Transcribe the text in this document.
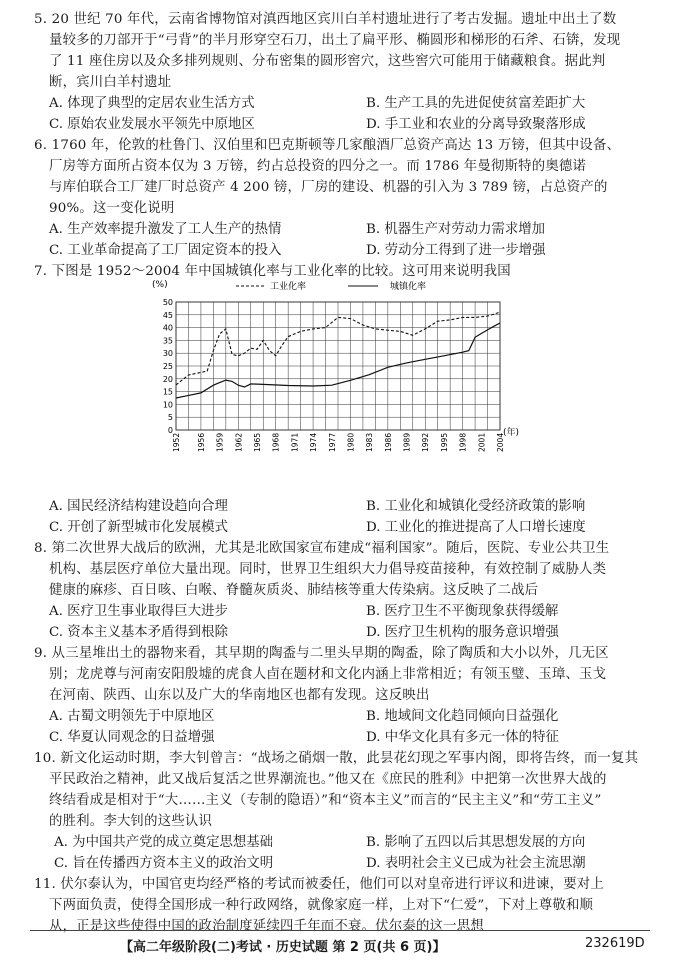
5. 20 世纪 70 年代，云南省博物馆对滇西地区宾川白羊村遗址进行了考古发掘。遗址中出土了数
量较多的刀部开于“弓背”的半月形穿空石刀，出土了扁平形、椭圆形和梯形的石斧、石锛，发现
了 11 座住房以及众多排列规则、分布密集的圆形窖穴，这些窖穴可能用于储藏粮食。据此判
断，宾川白羊村遗址
A. 体现了典型的定居农业生活方式	B. 生产工具的先进促使贫富差距扩大
C. 原始农业发展水平领先中原地区	D. 手工业和农业的分离导致聚落形成
6. 1760 年，伦敦的杜鲁门、汉伯里和巴克斯顿等几家酿酒厂总资产高达 13 万镑，但其中设备、
厂房等方面所占资本仅为 3 万镑，约占总投资的四分之一。而 1786 年曼彻斯特的奥德诺
与库伯联合工厂建厂时总资产 4 200 镑，厂房的建设、机器的引入为 3 789 镑，占总资产的
90%。这一变化说明
A. 生产效率提升激发了工人生产的热情	B. 机器生产对劳动力需求增加
C. 工业革命提高了工厂固定资本的投入	D. 劳动分工得到了进一步增强
7. 下图是 1952～2004 年中国城镇化率与工业化率的比较。这可用来说明我国
0
5
10
15
20
25
30
35
40
45
50
1952 1956 1959 1962 1965 1968 1971 1974 1977 1980 1983 1986 1989 1992 1995 1998 2001 2004
工业化率	城镇化率
(%)
(年)
A. 国民经济结构建设趋向合理	B. 工业化和城镇化受经济政策的影响
C. 开创了新型城市化发展模式	D. 工业化的推进提高了人口增长速度
8. 第二次世界大战后的欧洲，尤其是北欧国家宣布建成“福利国家”。随后，医院、专业公共卫生
机构、基层医疗单位大量出现。同时，世界卫生组织大力倡导疫苗接种，有效控制了威胁人类
健康的麻疹、百日咳、白喉、脊髓灰质炎、肺结核等重大传染病。这反映了二战后
A. 医疗卫生事业取得巨大进步	B. 医疗卫生不平衡现象获得缓解
C. 资本主义基本矛盾得到根除	D. 医疗卫生机构的服务意识增强
9. 从三星堆出土的器物来看，其早期的陶盉与二里头早期的陶盉，除了陶质和大小以外，几无区
别；龙虎尊与河南安阳殷墟的虎食人卣在题材和文化内涵上非常相近；有领玉璧、玉璋、玉戈
在河南、陕西、山东以及广大的华南地区也都有发现。这反映出
A. 古蜀文明领先于中原地区	B. 地域间文化趋同倾向日益强化
C. 华夏认同观念的日益增强	D. 中华文化具有多元一体的特征
10. 新文化运动时期，李大钊曾言：“战场之硝烟一散，此昙花幻现之军事内阁，即将告终，而一复其
平民政治之精神，此又战后复活之世界潮流也。”他又在《庶民的胜利》中把第一次世界大战的
终结看成是相对于“大……主义（专制的隐语）”和“资本主义”而言的“民主主义”和“劳工主义”
的胜利。李大钊的这些认识
A. 为中国共产党的成立奠定思想基础	B. 影响了五四以后其思想发展的方向
C. 旨在传播西方资本主义的政治文明	D. 表明社会主义已成为社会主流思潮
11. 伏尔泰认为，中国官吏均经严格的考试而被委任，他们可以对皇帝进行评议和进谏，要对上
下两面负责，使得全国形成一种行政网络，就像家庭一样，上对下“仁爱”，下对上尊敬和顺
从，正是这些使得中国的政治制度延续四千年而不衰。伏尔泰的这一思想
【高二年级阶段(二)考试 · 历史试题 第 2 页(共 6 页)】	232619D
